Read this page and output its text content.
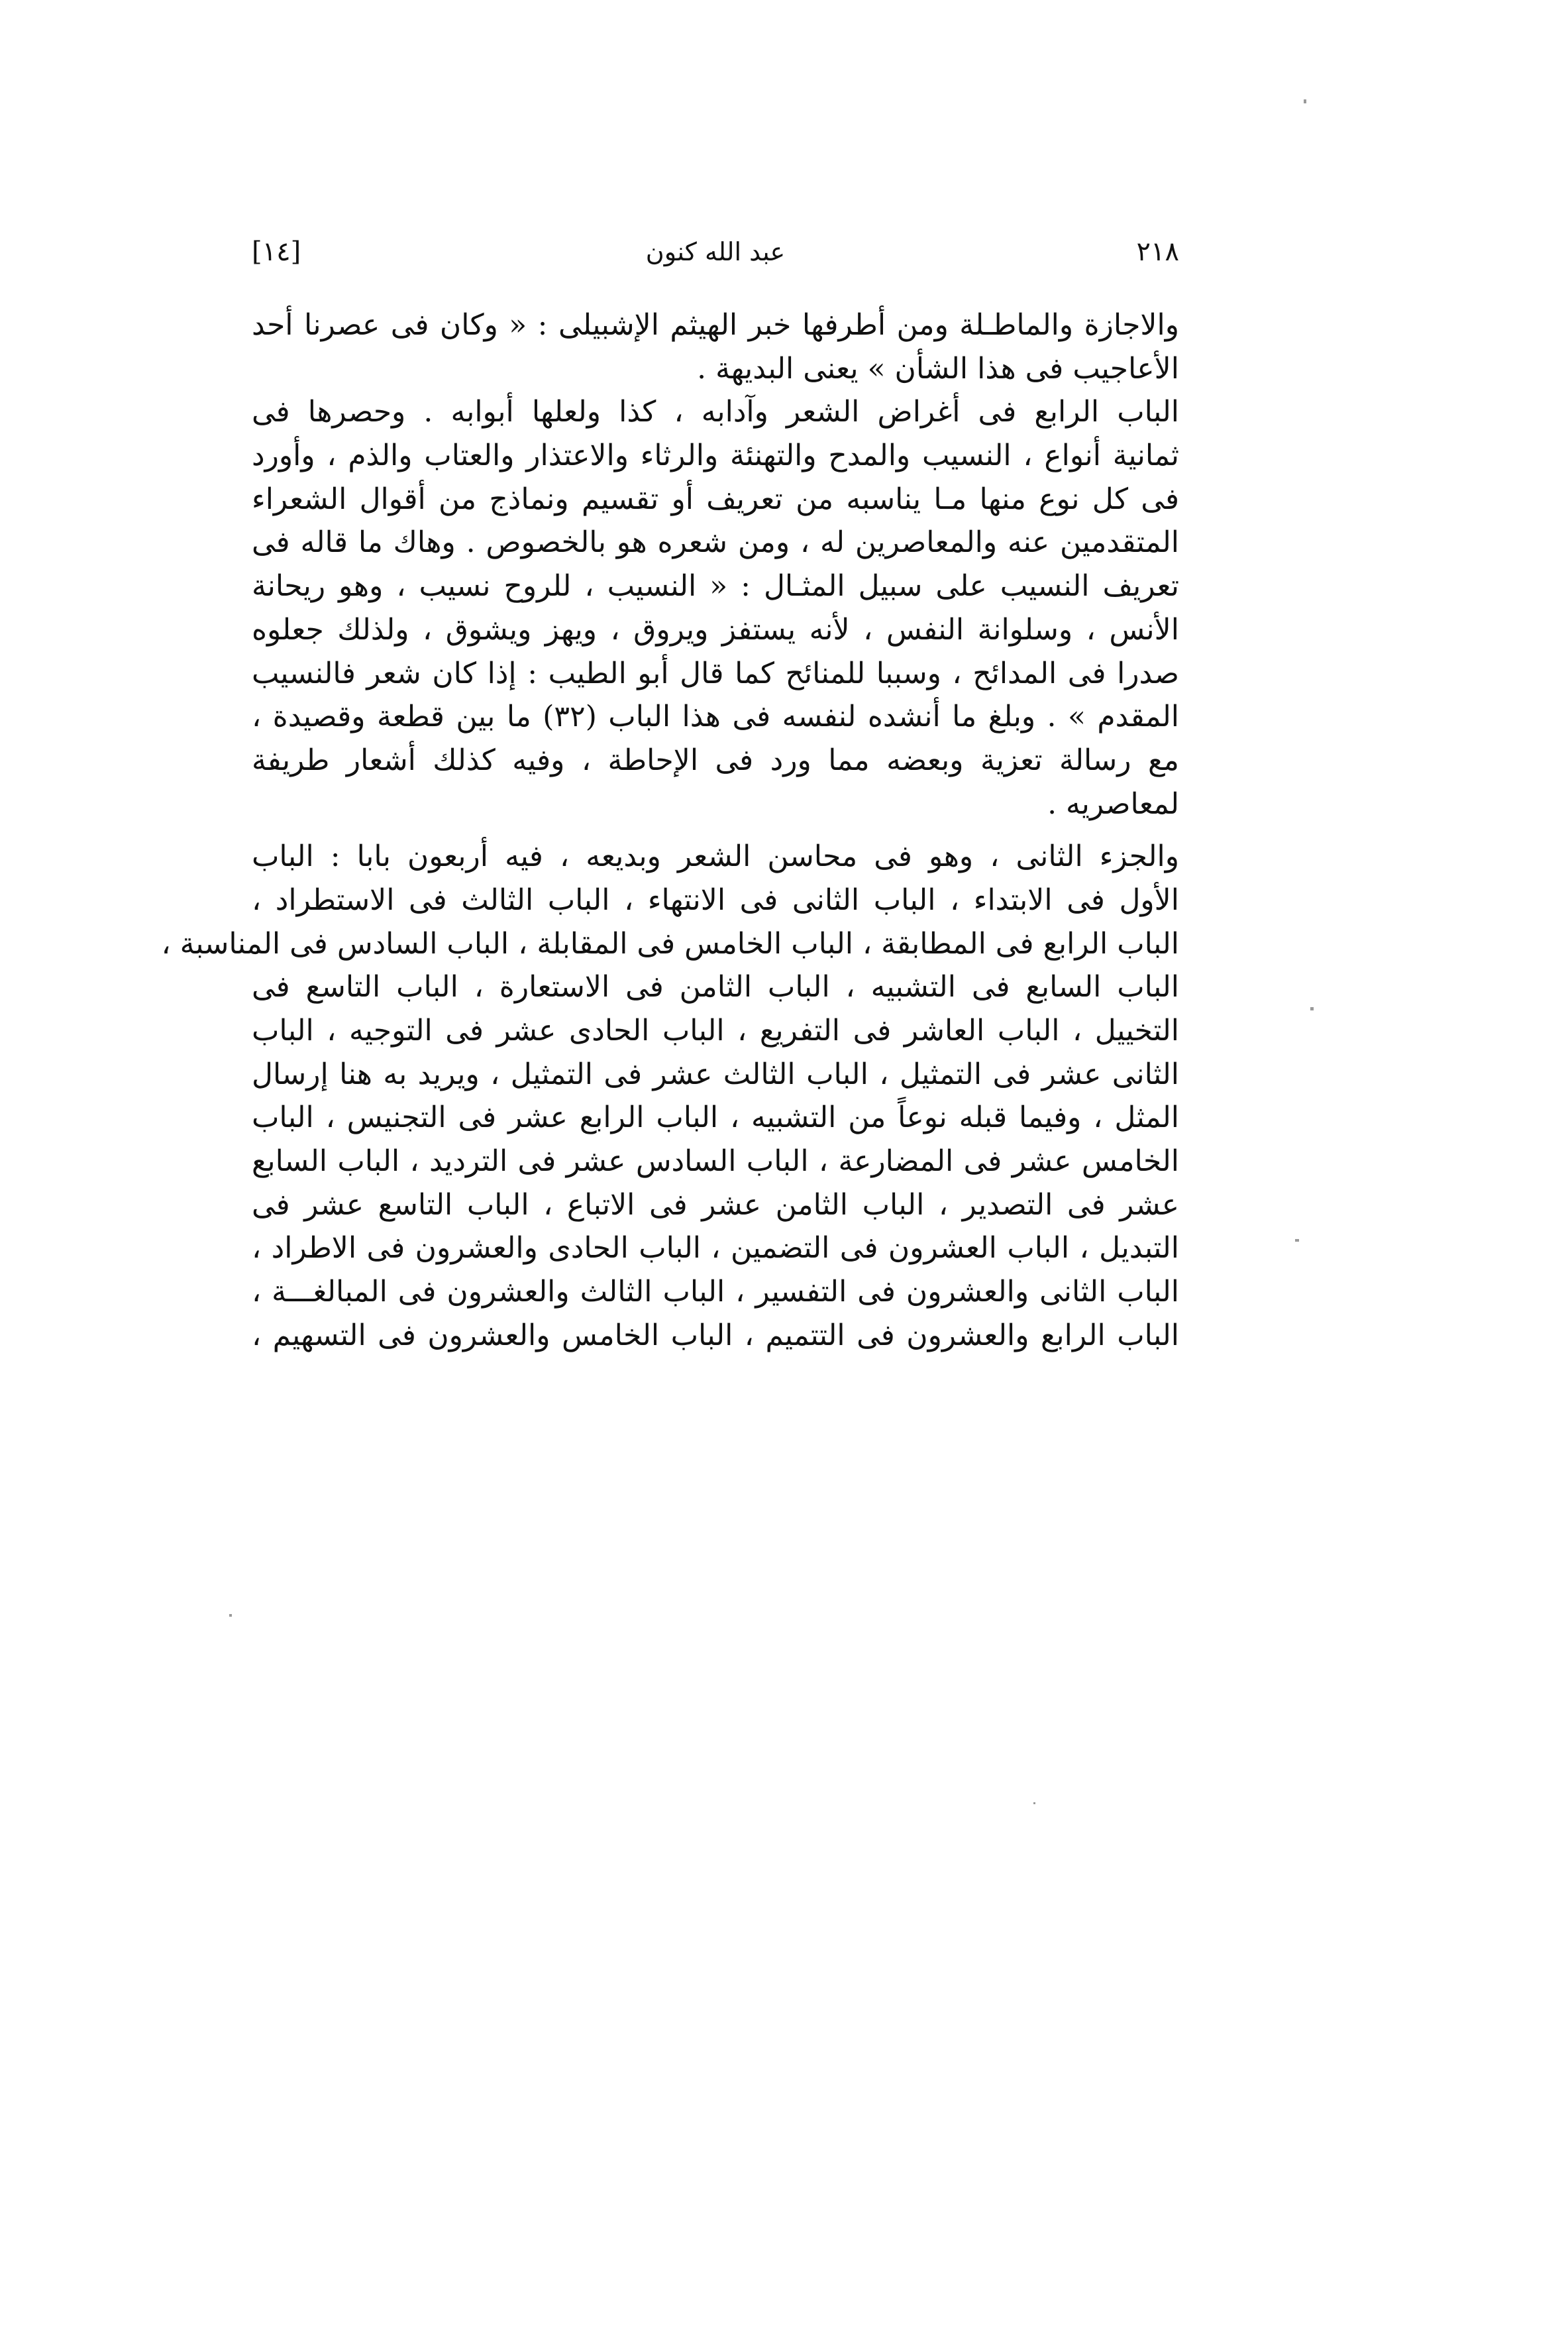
٢١٨
عبد الله كنون
[١٤]
والاجازة والماطـلة ومن أطرفها خبر الهيثم الإشبيلى : « وكان فى عصرنا أحد
الأعاجيب فى هذا الشأن » يعنى البديهة .
الباب الرابع فى أغراض الشعر وآدابه ، كذا ولعلها أبوابه . وحصرها فى
ثمانية أنواع ، النسيب والمدح والتهنئة والرثاء والاعتذار والعتاب والذم ، وأورد
فى كل نوع منها مـا يناسبه من تعريف أو تقسيم ونماذج من أقوال الشعراء
المتقدمين عنه والمعاصرين له ، ومن شعره هو بالخصوص . وهاك ما قاله فى
تعريف النسيب على سبيل المثـال : « النسيب ، للروح نسيب ، وهو ريحانة
الأنس ، وسلوانة النفس ، لأنه يستفز ويروق ، ويهز ويشوق ، ولذلك جعلوه
صدرا فى المدائح ، وسببا للمنائح كما قال أبو الطيب : إذا كان شعر فالنسيب
المقدم » . وبلغ ما أنشده لنفسه فى هذا الباب (٣٢) ما بين قطعة وقصيدة ،
مع رسالة تعزية وبعضه مما ورد فى الإحاطة ، وفيه كذلك أشعار طريفة
لمعاصريه .
والجزء الثانى ، وهو فى محاسن الشعر وبديعه ، فيه أربعون بابا : الباب
الأول فى الابتداء ، الباب الثانى فى الانتهاء ، الباب الثالث فى الاستطراد ،
الباب الرابع فى المطابقة ، الباب الخامس فى المقابلة ، الباب السادس فى المناسبة ،
الباب السابع فى التشبيه ، الباب الثامن فى الاستعارة ، الباب التاسع فى
التخييل ، الباب العاشر فى التفريع ، الباب الحادى عشر فى التوجيه ، الباب
الثانى عشر فى التمثيل ، الباب الثالث عشر فى التمثيل ، ويريد به هنا إرسال
المثل ، وفيما قبله نوعاً من التشبيه ، الباب الرابع عشر فى التجنيس ، الباب
الخامس عشر فى المضارعة ، الباب السادس عشر فى الترديد ، الباب السابع
عشر فى التصدير ، الباب الثامن عشر فى الاتباع ، الباب التاسع عشر فى
التبديل ، الباب العشرون فى التضمين ، الباب الحادى والعشرون فى الاطراد ،
الباب الثانى والعشرون فى التفسير ، الباب الثالث والعشرون فى المبالغـــة ،
الباب الرابع والعشرون فى التتميم ، الباب الخامس والعشرون فى التسهيم ،
